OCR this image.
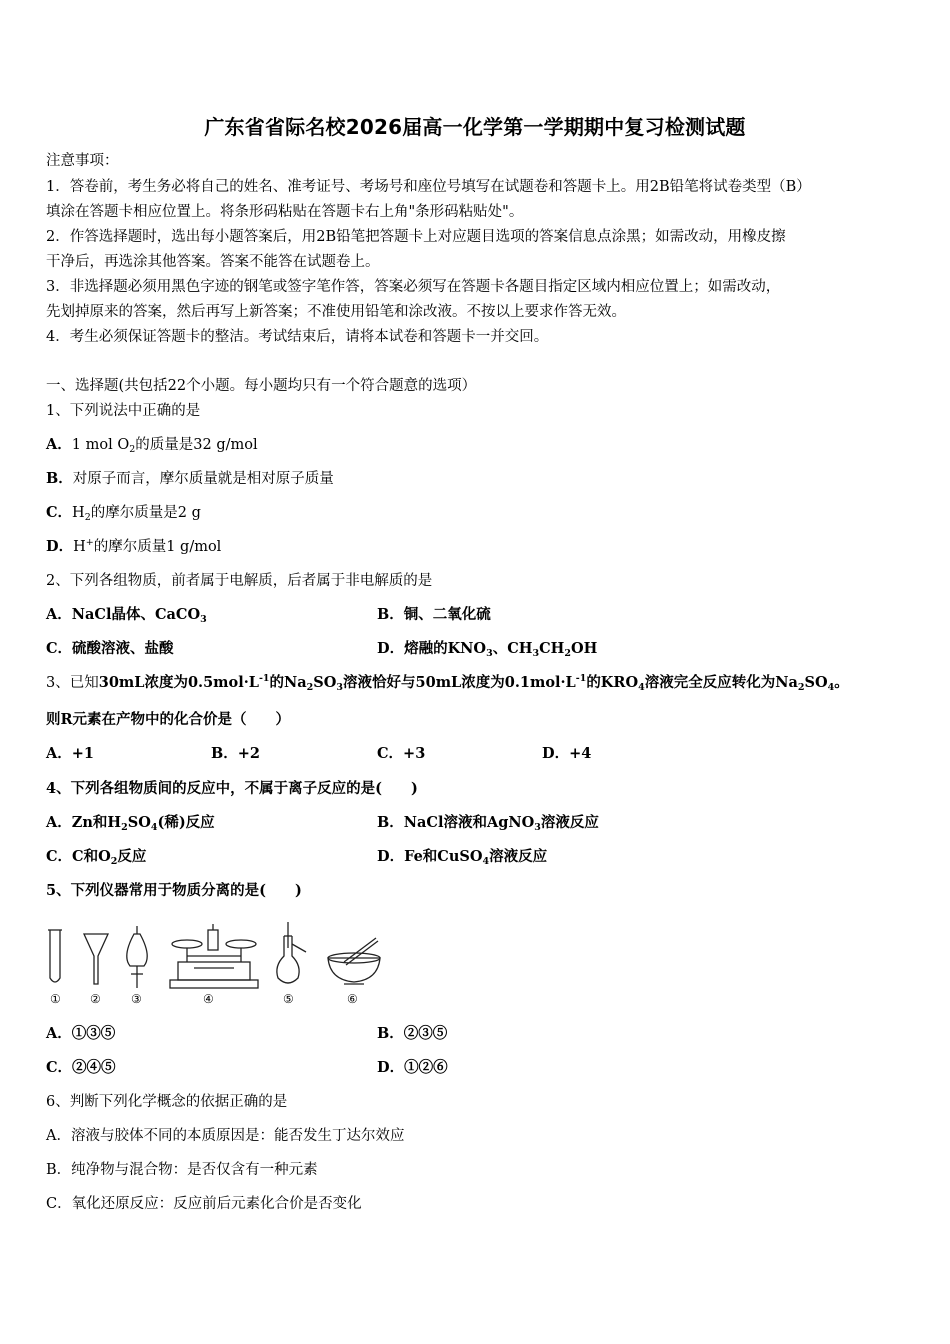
广东省省际名校2026届高一化学第一学期期中复习检测试题
注意事项：
1．答卷前，考生务必将自己的姓名、准考证号、考场号和座位号填写在试题卷和答题卡上。用2B铅笔将试卷类型（B）
填涂在答题卡相应位置上。将条形码粘贴在答题卡右上角"条形码粘贴处"。
2．作答选择题时，选出每小题答案后，用2B铅笔把答题卡上对应题目选项的答案信息点涂黑；如需改动，用橡皮擦
干净后，再选涂其他答案。答案不能答在试题卷上。
3．非选择题必须用黑色字迹的钢笔或签字笔作答，答案必须写在答题卡各题目指定区域内相应位置上；如需改动，
先划掉原来的答案，然后再写上新答案；不准使用铅笔和涂改液。不按以上要求作答无效。
4．考生必须保证答题卡的整洁。考试结束后，请将本试卷和答题卡一并交回。
一、选择题(共包括22个小题。每小题均只有一个符合题意的选项）
1、下列说法中正确的是
A．1 mol $O_2$的质量是32 g/mol
B．对原子而言，摩尔质量就是相对原子质量
C．$H_2$的摩尔质量是2 g
D．H+的摩尔质量1 g/mol
2、下列各组物质，前者属于电解质，后者属于非电解质的是
A．NaCl晶体、CaCO$_3$	B．铜、二氧化硫
C．硫酸溶液、盐酸	D．熔融的$KNO_3$、$CH_3CH_2OH$
3、已知30mL浓度为$0.5mol\cdot L^{-1}$的$Na_2SO_3$溶液恰好与50mL浓度为$0.1mol\cdot L^{-1}$的$KRO_4$溶液完全反应转化为$Na_2SO_4$。
则R元素在产物中的化合价是（　　）
A．+1	B．+2	C．+3	D．+4
4、下列各组物质间的反应中，不属于离子反应的是(　　)
A．Zn和$H_2SO_4$(稀)反应	B．NaCl溶液和AgNO$_3$溶液反应
C．C和$O_2$反应	D．Fe和CuSO$_4$溶液反应
5、下列仪器常用于物质分离的是(　　)
① ②	③	④	⑤	⑥
A．①③⑤	B．②③⑤
C．②④⑤	D．①②⑥
6、判断下列化学概念的依据正确的是
A．溶液与胶体不同的本质原因是：能否发生丁达尔效应
B．纯净物与混合物：是否仅含有一种元素
C．氧化还原反应：反应前后元素化合价是否变化
